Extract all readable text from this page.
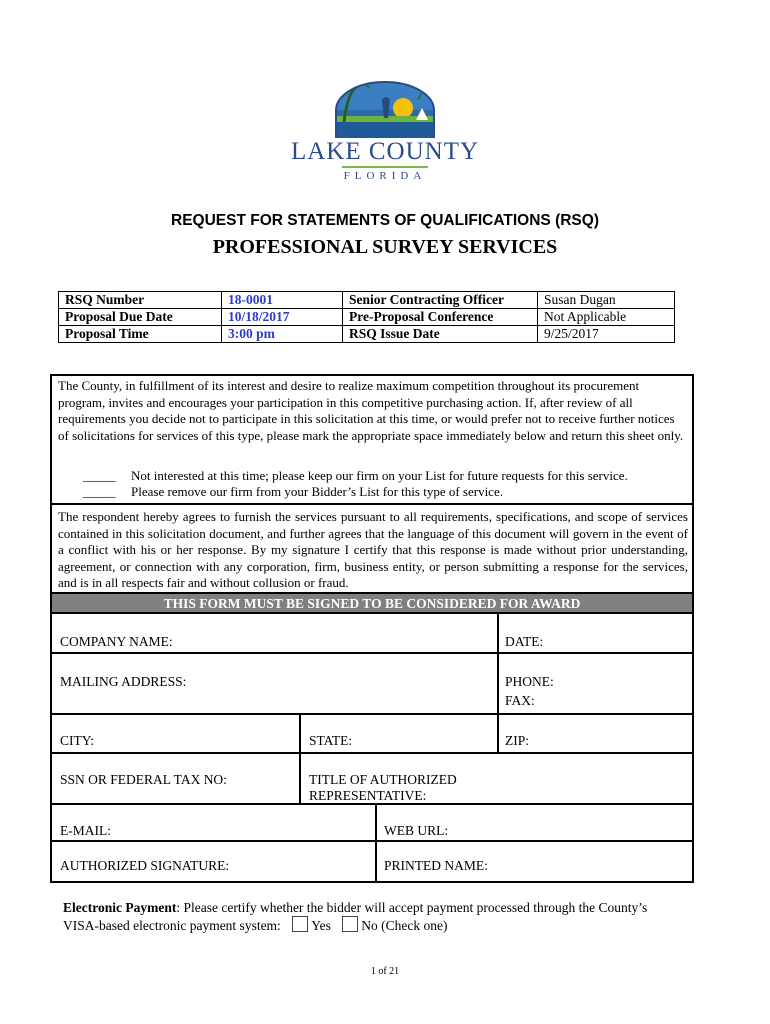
LAKE COUNTY
FLORIDA
REQUEST FOR STATEMENTS OF QUALIFICATIONS (RSQ)
PROFESSIONAL SURVEY SERVICES
RSQ Number	18-0001	Senior Contracting Officer	Susan Dugan
Proposal Due Date	10/18/2017	Pre-Proposal Conference	Not Applicable
Proposal Time	3:00 pm	RSQ Issue Date	9/25/2017
The County, in fulfillment of its interest and desire to realize maximum competition throughout its procurement program, invites and encourages your participation in this competitive purchasing action. If, after review of all requirements you decide not to participate in this solicitation at this time, or would prefer not to receive further notices of solicitations for services of this type, please mark the appropriate space immediately below and return this sheet only.
_____ Not interested at this time; please keep our firm on your List for future requests for this service.
_____ Please remove our firm from your Bidder’s List for this type of service.
The respondent hereby agrees to furnish the services pursuant to all requirements, specifications, and scope of services contained in this solicitation document, and further agrees that the language of this document will govern in the event of a conflict with his or her response. By my signature I certify that this response is made without prior understanding, agreement, or connection with any corporation, firm, business entity, or person submitting a response for the services, and is in all respects fair and without collusion or fraud.
THIS FORM MUST BE SIGNED TO BE CONSIDERED FOR AWARD
COMPANY NAME:	DATE:
MAILING ADDRESS:	PHONE:
FAX:
CITY:	STATE:	ZIP:
SSN OR FEDERAL TAX NO:	TITLE OF AUTHORIZED
REPRESENTATIVE:
E-MAIL:	WEB URL:
AUTHORIZED SIGNATURE:	PRINTED NAME:
Electronic Payment: Please certify whether the bidder will accept payment processed through the County’s
VISA-based electronic payment system: Yes No (Check one)
1 of 21
